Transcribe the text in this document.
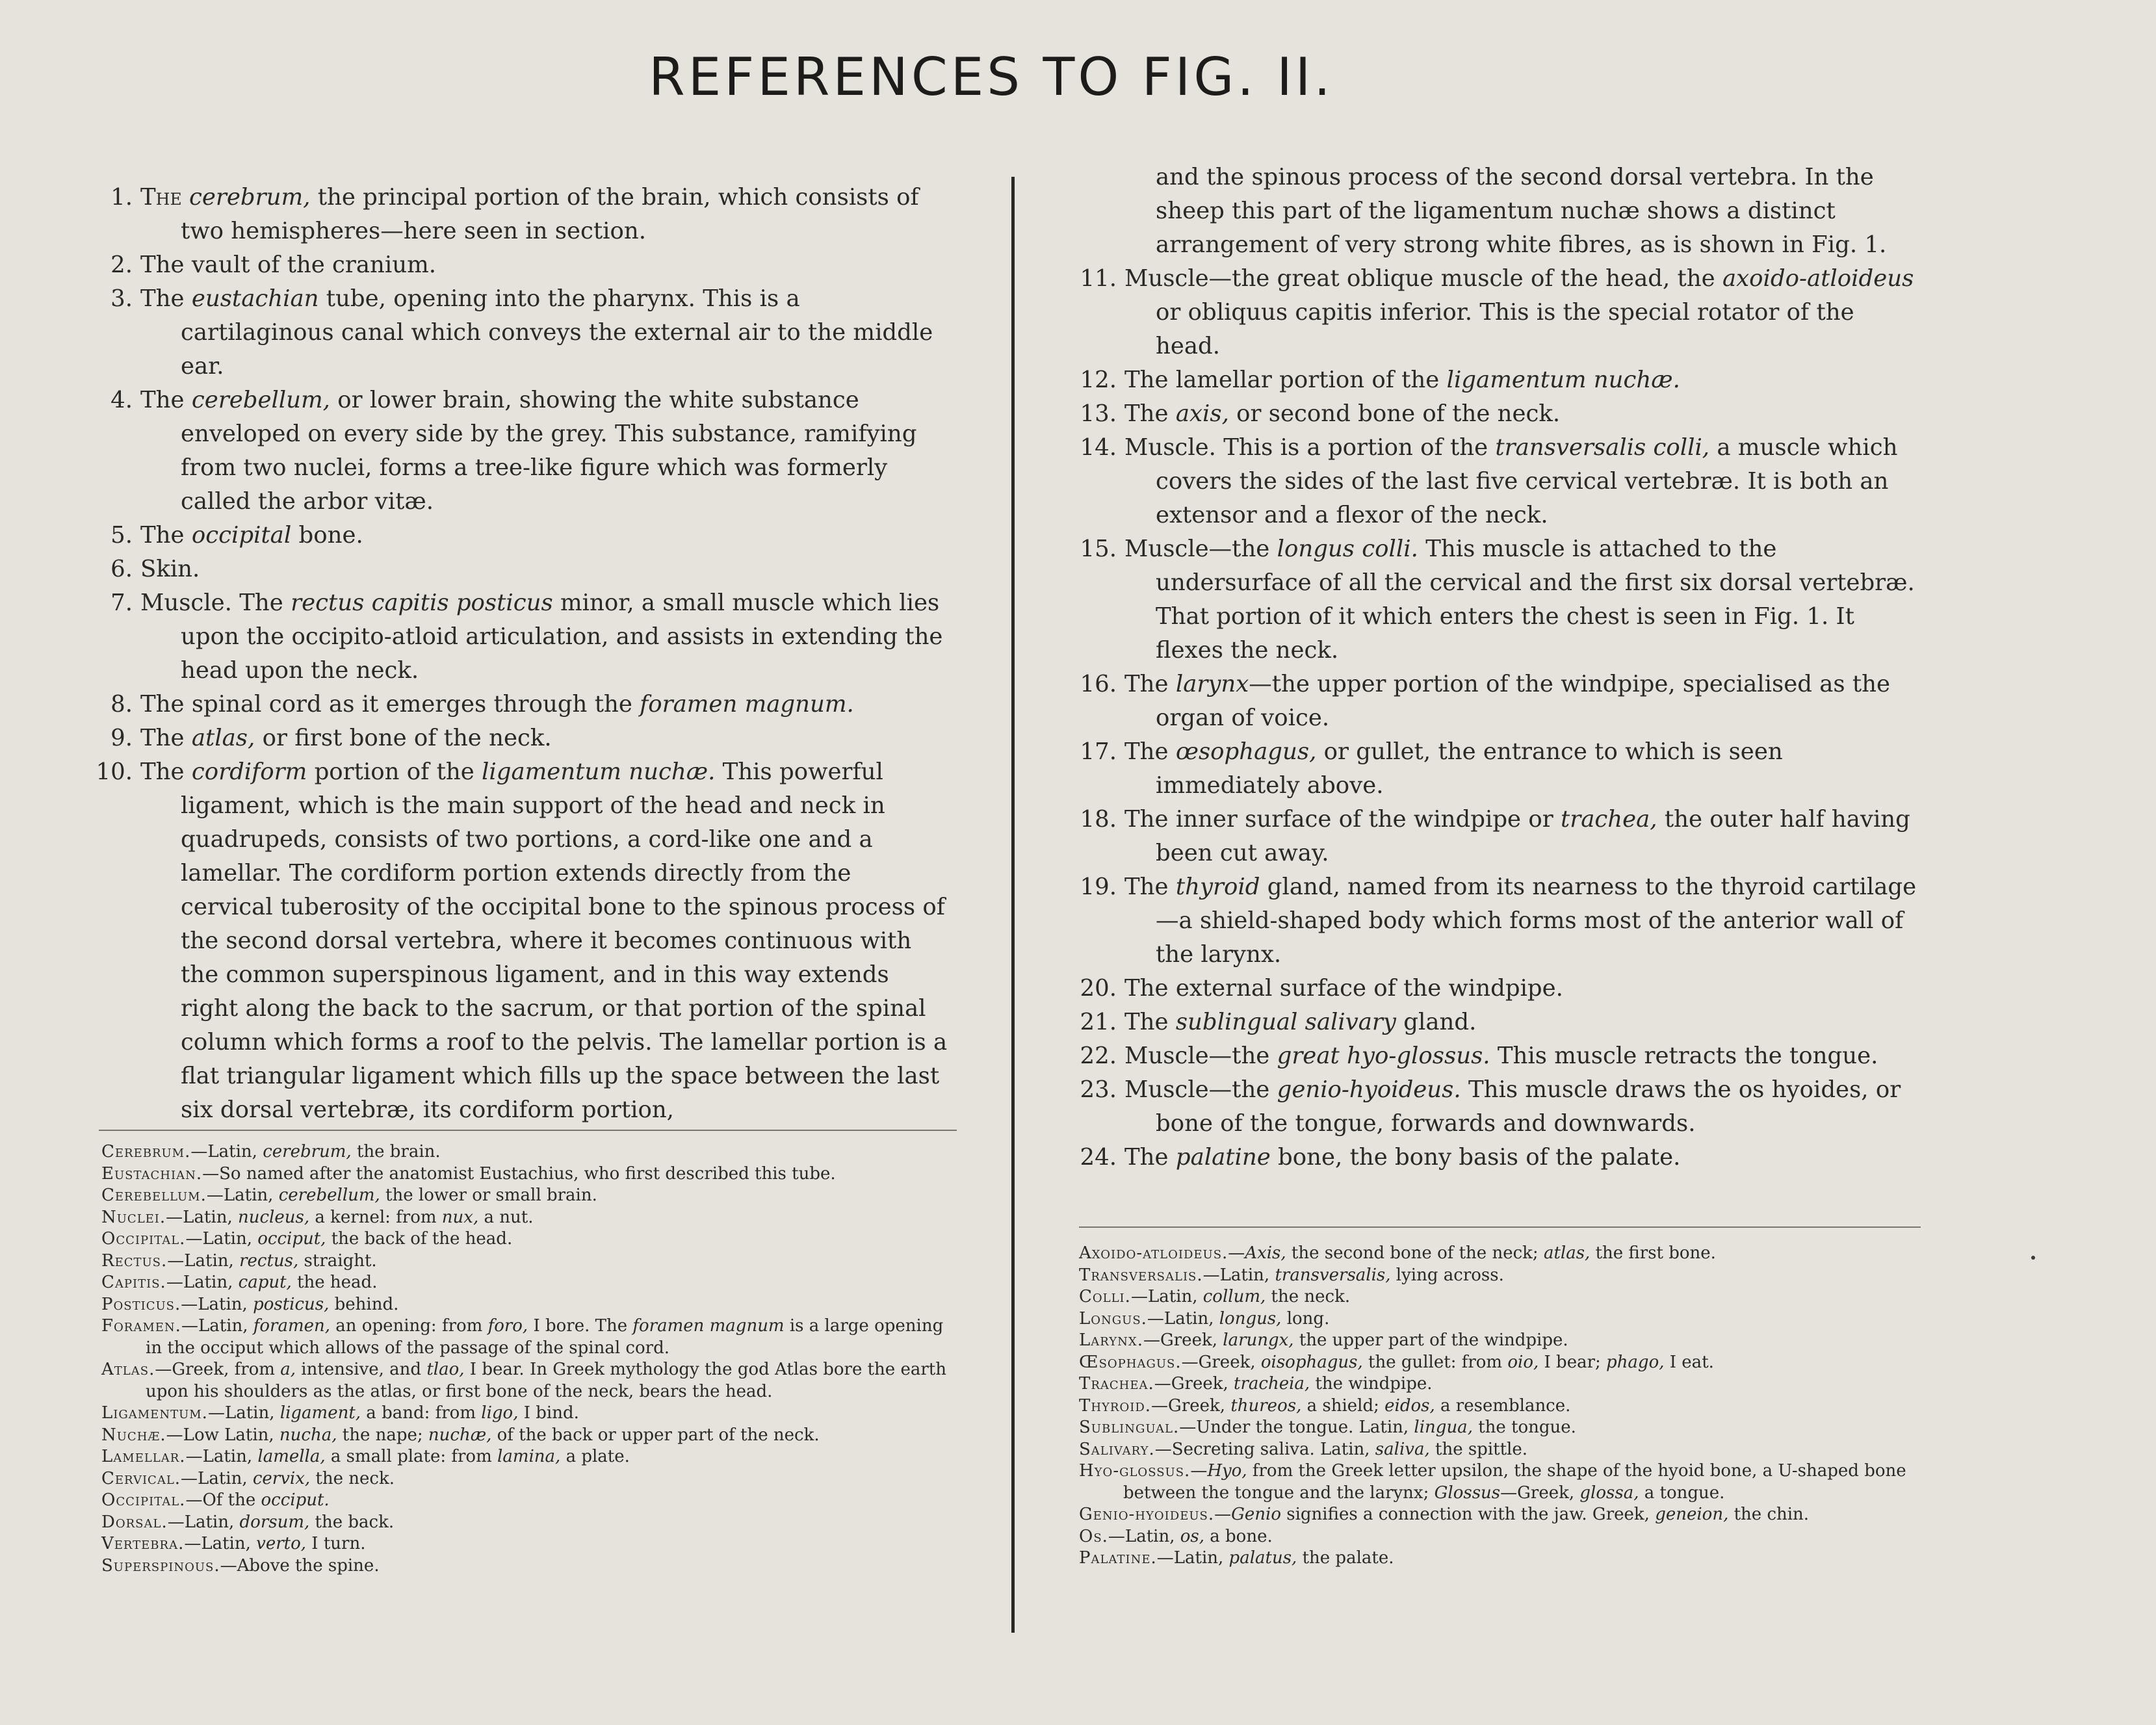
REFERENCES TO FIG. II.

1. The cerebrum, the principal portion of the brain, which consists of two hemispheres—here seen in section.

2. The vault of the cranium.

3. The eustachian tube, opening into the pharynx. This is a cartilaginous canal which conveys the external air to the middle ear.

4. The cerebellum, or lower brain, showing the white substance enveloped on every side by the grey. This substance, ramifying from two nuclei, forms a tree-like figure which was formerly called the arbor vitæ.

5. The occipital bone.

6. Skin.

7. Muscle. The rectus capitis posticus minor, a small muscle which lies upon the occipito-atloid articulation, and assists in extending the head upon the neck.

8. The spinal cord as it emerges through the foramen magnum.

9. The atlas, or first bone of the neck.

10. The cordiform portion of the ligamentum nuchæ. This powerful ligament, which is the main support of the head and neck in quadrupeds, consists of two portions, a cord-like one and a lamellar. The cordiform portion extends directly from the cervical tuberosity of the occipital bone to the spinous process of the second dorsal vertebra, where it becomes continuous with the common superspinous ligament, and in this way extends right along the back to the sacrum, or that portion of the spinal column which forms a roof to the pelvis. The lamellar portion is a flat triangular ligament which fills up the space between the last six dorsal vertebræ, its cordiform portion,

and the spinous process of the second dorsal vertebra. In the sheep this part of the ligamentum nuchæ shows a distinct arrangement of very strong white fibres, as is shown in Fig. 1.

11. Muscle—the great oblique muscle of the head, the axoido-atloideus or obliquus capitis inferior. This is the special rotator of the head.

12. The lamellar portion of the ligamentum nuchæ.

13. The axis, or second bone of the neck.

14. Muscle. This is a portion of the transversalis colli, a muscle which covers the sides of the last five cervical vertebræ. It is both an extensor and a flexor of the neck.

15. Muscle—the longus colli. This muscle is attached to the undersurface of all the cervical and the first six dorsal vertebræ. That portion of it which enters the chest is seen in Fig. 1. It flexes the neck.

16. The larynx—the upper portion of the windpipe, specialised as the organ of voice.

17. The œsophagus, or gullet, the entrance to which is seen immediately above.

18. The inner surface of the windpipe or trachea, the outer half having been cut away.

19. The thyroid gland, named from its nearness to the thyroid cartilage—a shield-shaped body which forms most of the anterior wall of the larynx.

20. The external surface of the windpipe.

21. The sublingual salivary gland.

22. Muscle—the great hyo-glossus. This muscle retracts the tongue.

23. Muscle—the genio-hyoideus. This muscle draws the os hyoides, or bone of the tongue, forwards and downwards.

24. The palatine bone, the bony basis of the palate.

Cerebrum.—Latin, cerebrum, the brain.

Eustachian.—So named after the anatomist Eustachius, who first described this tube.

Cerebellum.—Latin, cerebellum, the lower or small brain.

Nuclei.—Latin, nucleus, a kernel: from nux, a nut.

Occipital.—Latin, occiput, the back of the head.

Rectus.—Latin, rectus, straight.

Capitis.—Latin, caput, the head.

Posticus.—Latin, posticus, behind.

Foramen.—Latin, foramen, an opening: from foro, I bore. The foramen magnum is a large opening in the occiput which allows of the passage of the spinal cord.

Atlas.—Greek, from a, intensive, and tlao, I bear. In Greek mythology the god Atlas bore the earth upon his shoulders as the atlas, or first bone of the neck, bears the head.

Ligamentum.—Latin, ligament, a band: from ligo, I bind.

Nuchæ.—Low Latin, nucha, the nape; nuchæ, of the back or upper part of the neck.

Lamellar.—Latin, lamella, a small plate: from lamina, a plate.

Cervical.—Latin, cervix, the neck.

Occipital.—Of the occiput.

Dorsal.—Latin, dorsum, the back.

Vertebra.—Latin, verto, I turn.

Superspinous.—Above the spine.

Axoido-atloideus.—Axis, the second bone of the neck; atlas, the first bone.

Transversalis.—Latin, transversalis, lying across.

Colli.—Latin, collum, the neck.

Longus.—Latin, longus, long.

Larynx.—Greek, larungx, the upper part of the windpipe.

Œsophagus.—Greek, oisophagus, the gullet: from oio, I bear; phago, I eat.

Trachea.—Greek, tracheia, the windpipe.

Thyroid.—Greek, thureos, a shield; eidos, a resemblance.

Sublingual.—Under the tongue. Latin, lingua, the tongue.

Salivary.—Secreting saliva. Latin, saliva, the spittle.

Hyo-glossus.—Hyo, from the Greek letter upsilon, the shape of the hyoid bone, a U-shaped bone between the tongue and the larynx; Glossus—Greek, glossa, a tongue.

Genio-hyoideus.—Genio signifies a connection with the jaw. Greek, geneion, the chin.

Os.—Latin, os, a bone.

Palatine.—Latin, palatus, the palate.
